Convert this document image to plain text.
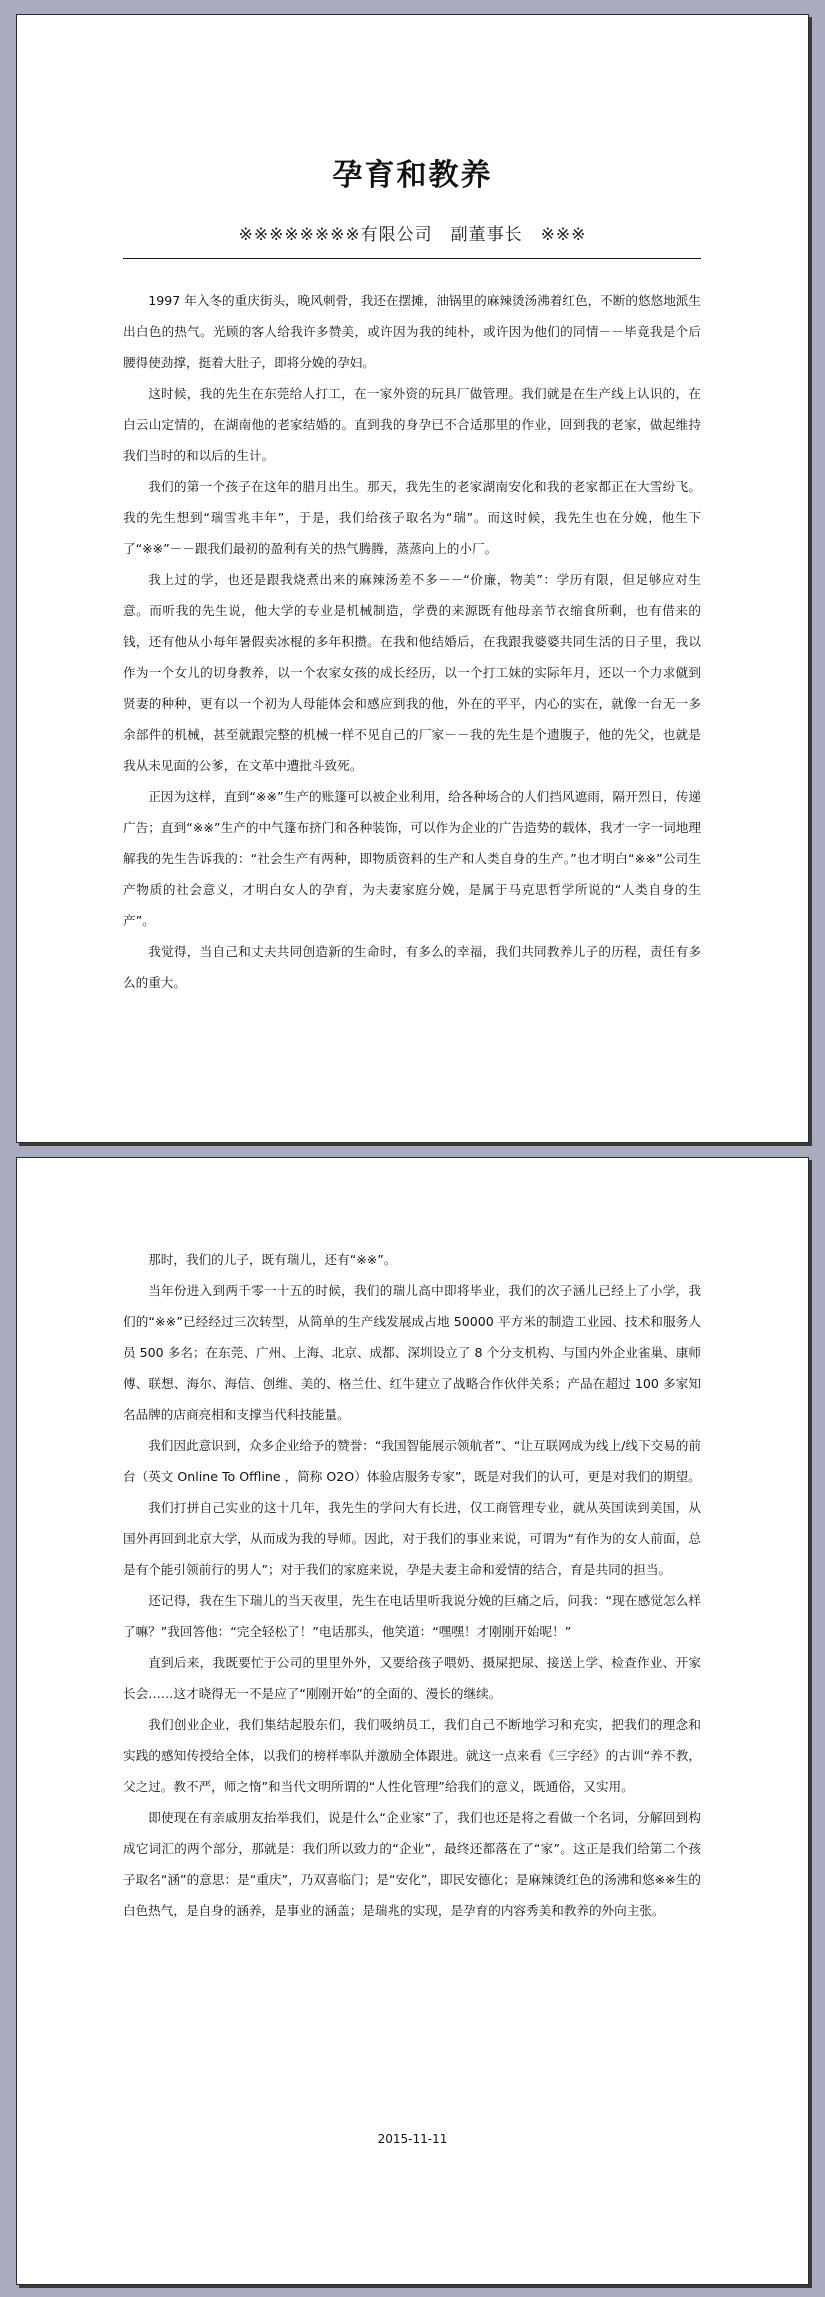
孕育和教养
※※※※※※※※有限公司　副董事长　※※※

1997 年入冬的重庆街头，晚风刺骨，我还在摆摊，油锅里的麻辣烫汤沸着红色，不断的悠悠地派生出白色的热气。光顾的客人给我许多赞美，或许因为我的纯朴，或许因为他们的同情－－毕竟我是个后腰得使劲撑，挺着大肚子，即将分娩的孕妇。

这时候，我的先生在东莞给人打工，在一家外资的玩具厂做管理。我们就是在生产线上认识的，在白云山定情的，在湖南他的老家结婚的。直到我的身孕已不合适那里的作业，回到我的老家，做起维持我们当时的和以后的生计。

我们的第一个孩子在这年的腊月出生。那天，我先生的老家湖南安化和我的老家都正在大雪纷飞。我的先生想到“瑞雪兆丰年”，于是，我们给孩子取名为“瑞”。而这时候，我先生也在分娩，他生下了“※※”－－跟我们最初的盈利有关的热气腾腾，蒸蒸向上的小厂。

我上过的学，也还是跟我烧煮出来的麻辣汤差不多－－“价廉，物美”：学历有限，但足够应对生意。而听我的先生说，他大学的专业是机械制造，学费的来源既有他母亲节衣缩食所剩，也有借来的钱，还有他从小每年暑假卖冰棍的多年积攒。在我和他结婚后，在我跟我婆婆共同生活的日子里，我以作为一个女儿的切身教养，以一个农家女孩的成长经历，以一个打工妹的实际年月，还以一个力求僦到贤妻的种种，更有以一个初为人母能体会和感应到我的他，外在的平平，内心的实在，就像一台无一多余部件的机械，甚至就跟完整的机械一样不见自己的厂家－－我的先生是个遗腹子，他的先父，也就是我从未见面的公爹，在文革中遭批斗致死。

正因为这样，直到“※※”生产的账篷可以被企业利用，给各种场合的人们挡风遮雨，隔开烈日，传递广告；直到“※※”生产的中气篷布挤门和各种装饰，可以作为企业的广告造势的载体，我才一字一词地理解我的先生告诉我的：“社会生产有两种，即物质资料的生产和人类自身的生产。”也才明白“※※”公司生产物质的社会意义，才明白女人的孕育，为夫妻家庭分娩，是属于马克思哲学所说的“人类自身的生产”。

我觉得，当自己和丈夫共同创造新的生命时，有多么的幸福，我们共同教养儿子的历程，责任有多么的重大。

那时，我们的儿子，既有瑞儿，还有“※※”。

当年份进入到两千零一十五的时候，我们的瑞儿高中即将毕业，我们的次子涵儿已经上了小学，我们的“※※”已经经过三次转型，从简单的生产线发展成占地 50000 平方米的制造工业园、技术和服务人员 500 多名；在东莞、广州、上海、北京、成都、深圳设立了 8 个分支机构、与国内外企业雀巢、康师傅、联想、海尔、海信、创维、美的、格兰仕、红牛建立了战略合作伙伴关系；产品在超过 100 多家知名品牌的店商亮相和支撑当代科技能量。

我们因此意识到，众多企业给予的赞誉：“我国智能展示领航者”、“让互联网成为线上/线下交易的前台（英文 Online To Offline ，简称 O2O）体验店服务专家”，既是对我们的认可，更是对我们的期望。

我们打拼自己实业的这十几年，我先生的学问大有长进，仅工商管理专业，就从英国读到美国，从国外再回到北京大学，从而成为我的导师。因此，对于我们的事业来说，可谓为“有作为的女人前面，总是有个能引领前行的男人”；对于我们的家庭来说，孕是夫妻主命和爱情的结合，育是共同的担当。

还记得，我在生下瑞儿的当天夜里，先生在电话里听我说分娩的巨痛之后，问我：“现在感觉怎么样了嘛？”我回答他：“完全轻松了！”电话那头，他笑道：“嘿嘿！才刚刚开始呢！”

直到后来，我既要忙于公司的里里外外，又要给孩子喂奶、摄屎把尿、接送上学、检查作业、开家长会……这才晓得无一不是应了“刚刚开始”的全面的、漫长的继续。

我们创业企业，我们集结起股东们，我们吸纳员工，我们自己不断地学习和充实，把我们的理念和实践的感知传授给全体，以我们的榜样率队并激励全体跟进。就这一点来看《三字经》的古训“养不教，父之过。教不严，师之惰”和当代文明所谓的“人性化管理”给我们的意义，既通俗，又实用。

即使现在有亲戚朋友抬举我们，说是什么“企业家”了，我们也还是将之看做一个名词，分解回到构成它词汇的两个部分，那就是：我们所以致力的“企业”，最终还都落在了“家”。这正是我们给第二个孩子取名“涵”的意思：是“重庆”，乃双喜临门；是“安化”，即民安德化；是麻辣烫红色的汤沸和悠※※生的白色热气，是自身的涵养，是事业的涵盖；是瑞兆的实现，是孕育的内容秀美和教养的外向主张。

2015-11-11
